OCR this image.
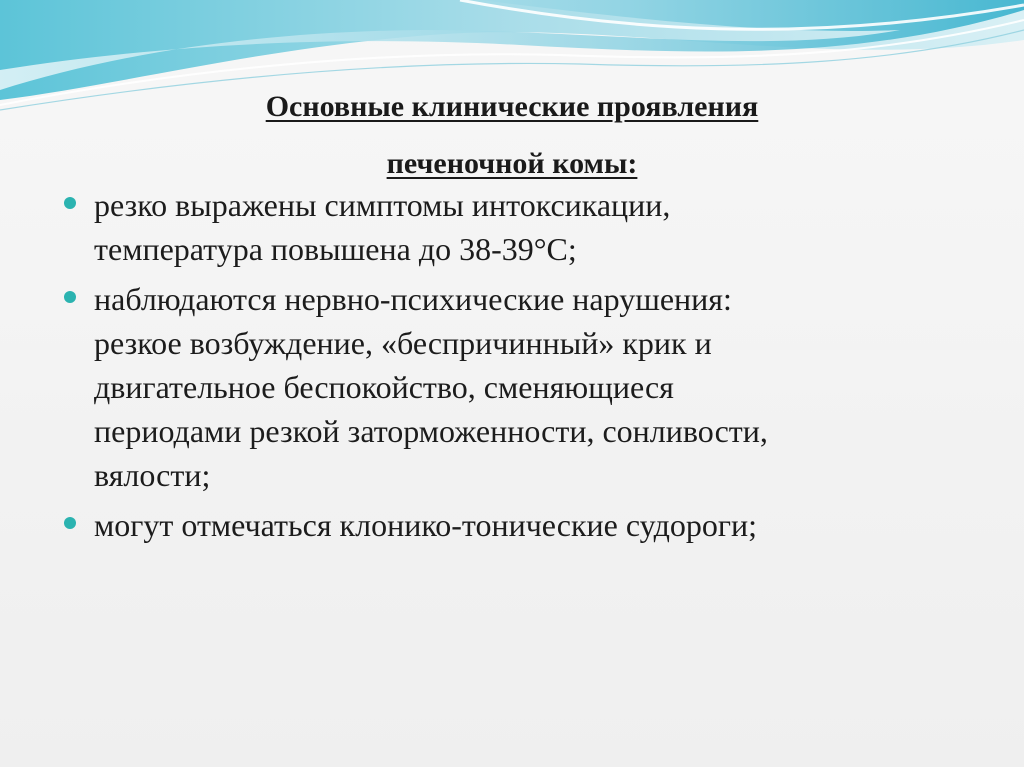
Основные клинические проявления
печеночной комы:
резко выражены симптомы интоксикации,
температура повышена до 38-39°С;
наблюдаются нервно-психические нарушения:
резкое возбуждение, «беспричинный» крик и
двигательное беспокойство, сменяющиеся
периодами резкой заторможенности, сонливости,
вялости;
могут отмечаться клонико-тонические судороги;
